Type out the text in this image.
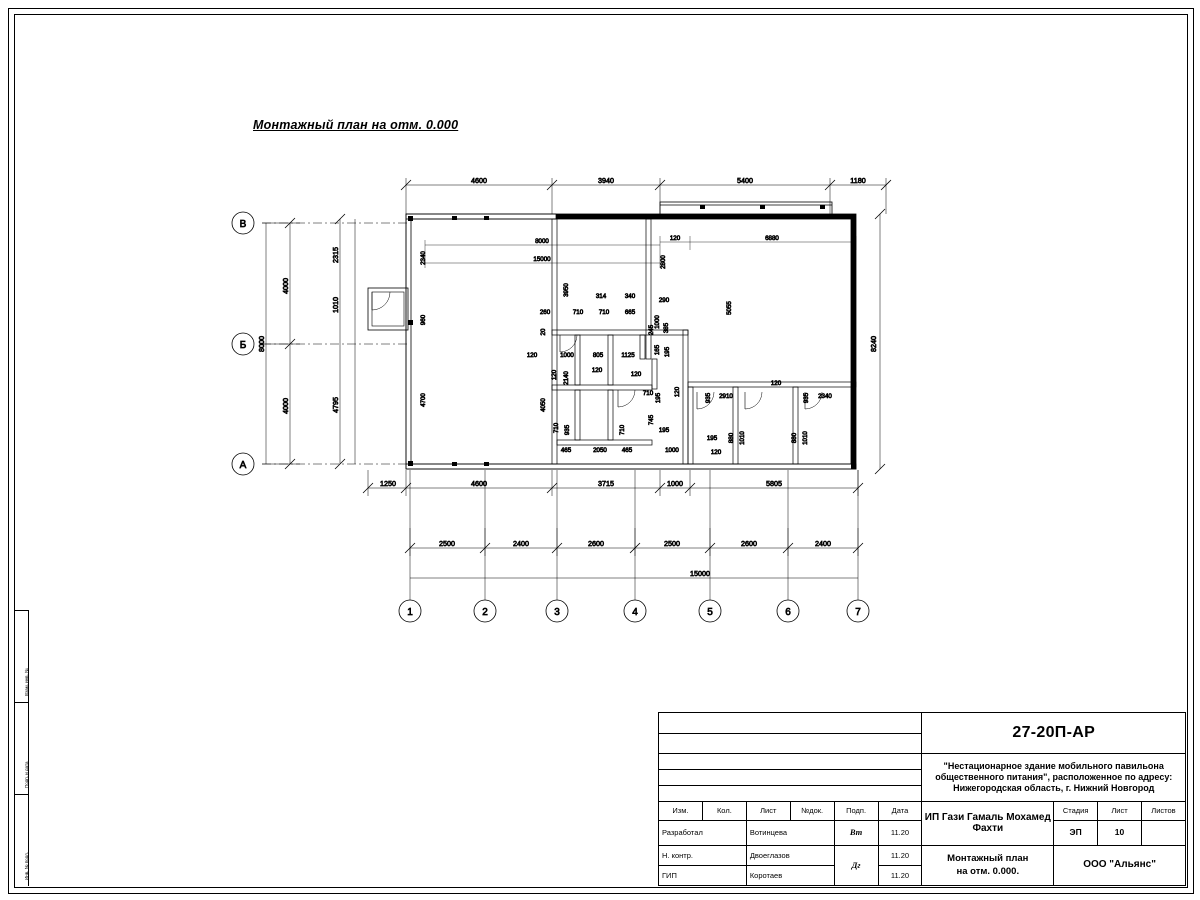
Взам. инв. №
Подп. и дата
Инв. № подл.
Монтажный план на отм. 0.000
В
Б
А
1	2	3	4	5	6	7
4600	3940	5400	1180
1250	4600	3715	1000	5805
2500	2400	2600	2500	2600	2400
15000
4000
4000
8000
2315
1010
4795
8240
8000
15000
120	6880
2340
960
4700	4050
3950
2800
5055
260	710	710	665
314	340
290
120	1000	805	1125
1000 385
245
165 195
20
120 2140
120
120
710 195
120
745
195
195
710 935
465	2050 465
710
1000	120
935 2910
120
935 2340
880 1010	880 1010
						27-20П-АР			

						"Нестационарное здание мобильного павильона общественного питания", расположенное по адресу: Нижегородская область, г. Нижний Новгород			

Изм.	Кол.	Лист	№док.	Подп.	Дата	ИП Гази Гамаль Мохамед Фахти	Стадия	Лист	Листов
Разработал		Вотинцева		Вт	11.20		ЭП	10	
Н. контр.		Двоеглазов		Дг	11.20	Монтажный план
на отм. 0.000.	ООО "Альянс"		
ГИП		Коротаев			11.20				
